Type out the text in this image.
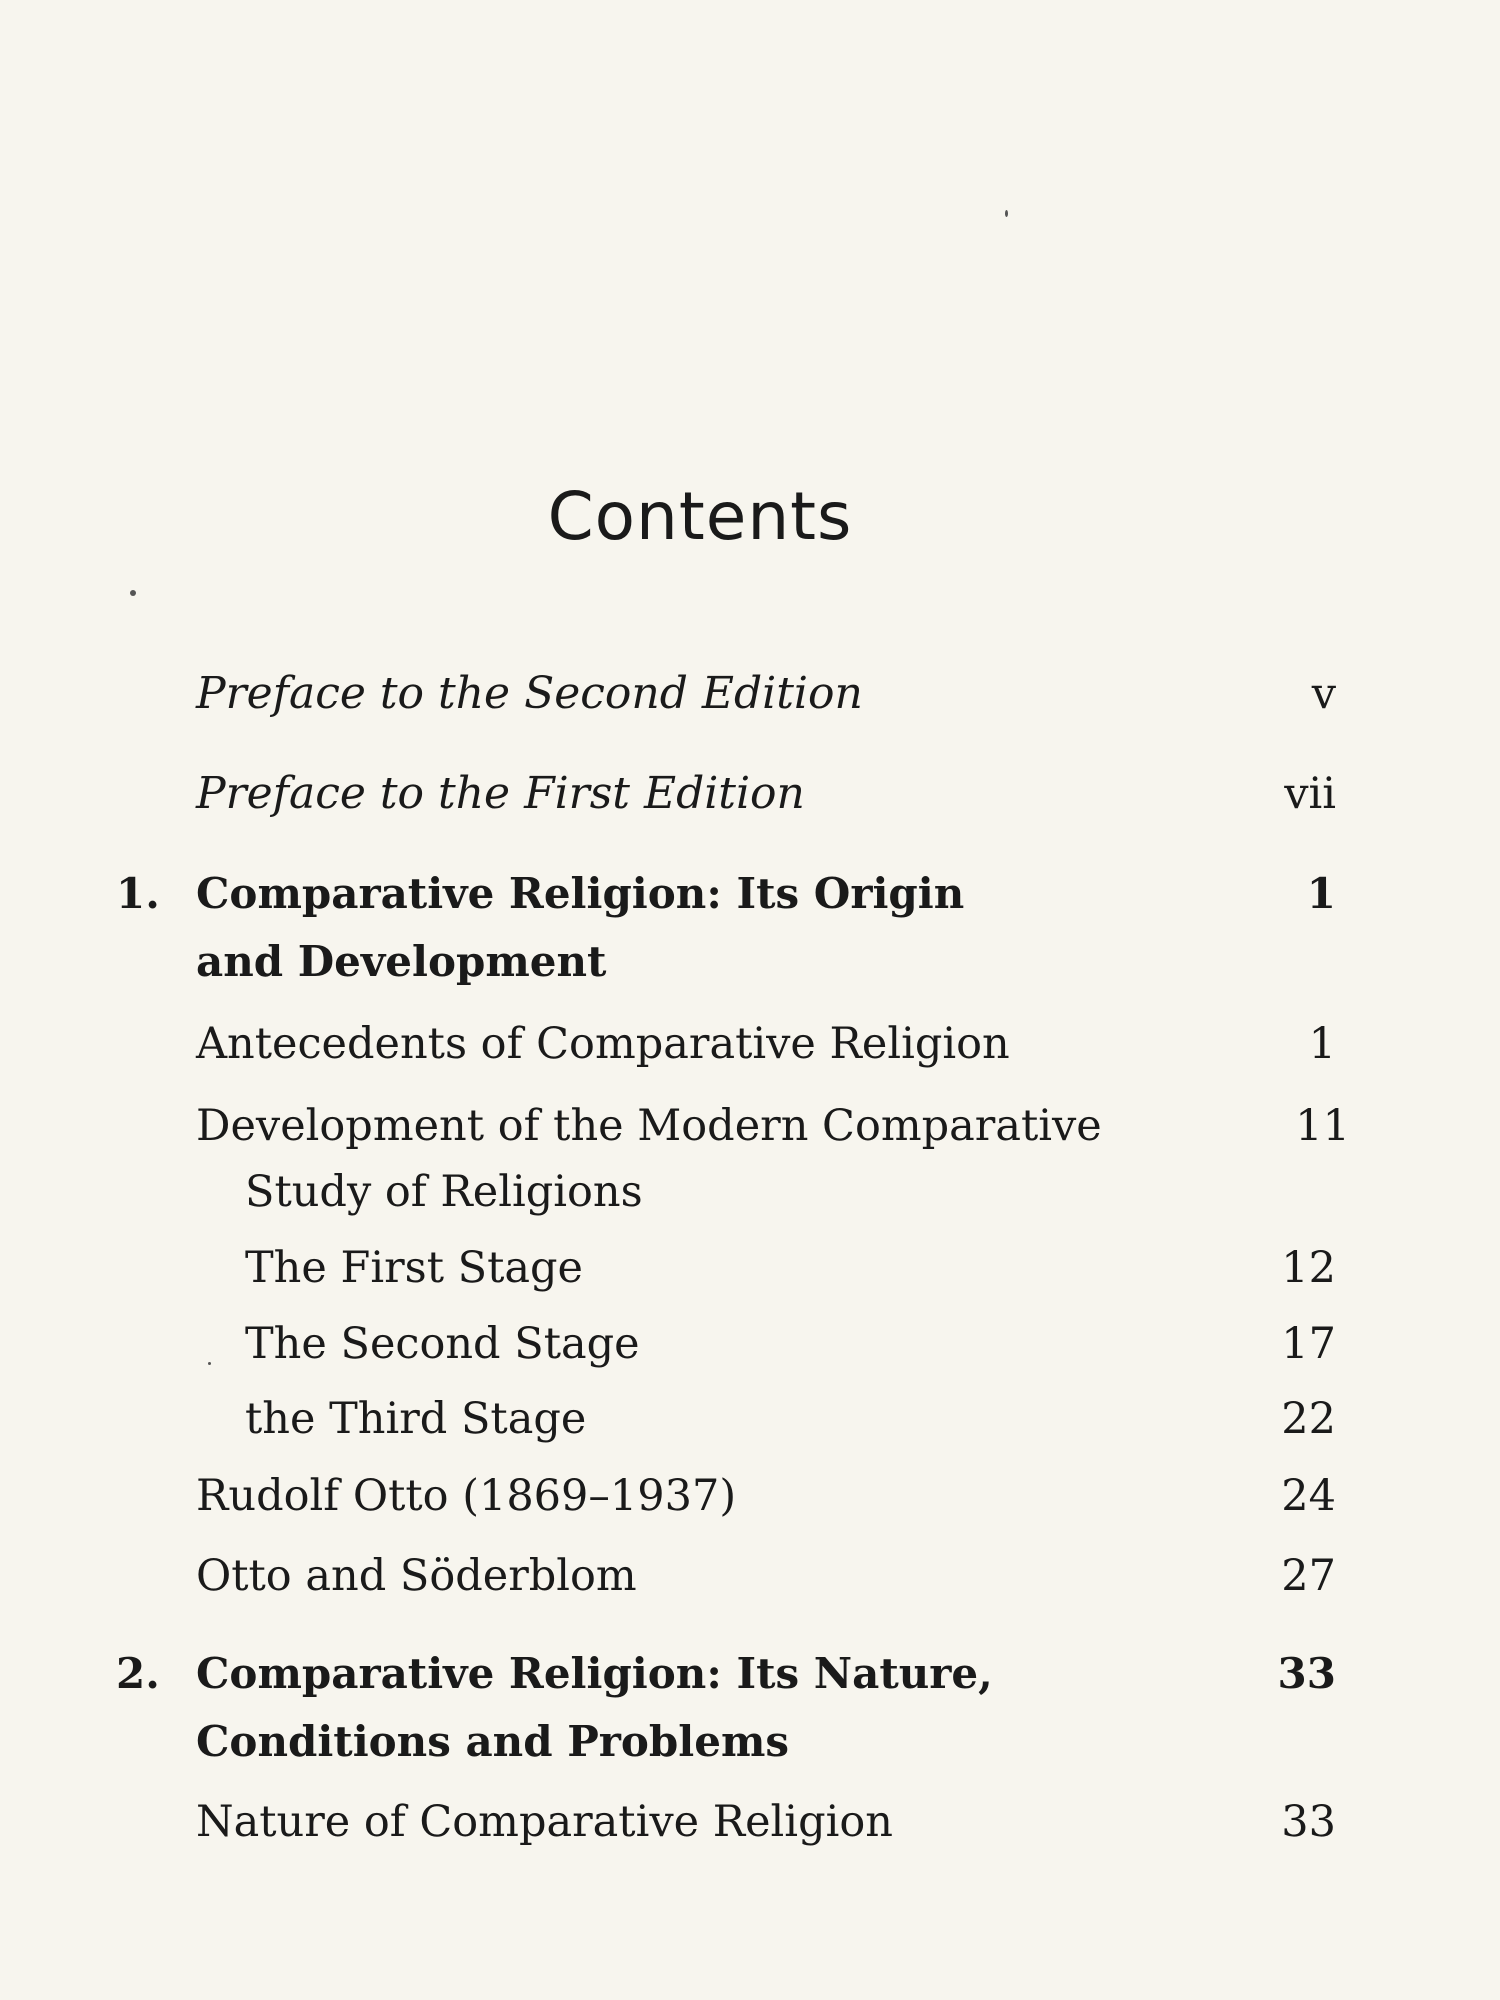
Contents
Preface to the Second Edition	v
Preface to the First Edition	vii
1. Comparative Religion: Its Origin	1
and Development
Antecedents of Comparative Religion	1
Development of the Modern Comparative	11
Study of Religions
The First Stage	12
The Second Stage	17
the Third Stage	22
Rudolf Otto (1869–1937)	24
Otto and Söderblom	27
2. Comparative Religion: Its Nature,	33
Conditions and Problems
Nature of Comparative Religion	33
